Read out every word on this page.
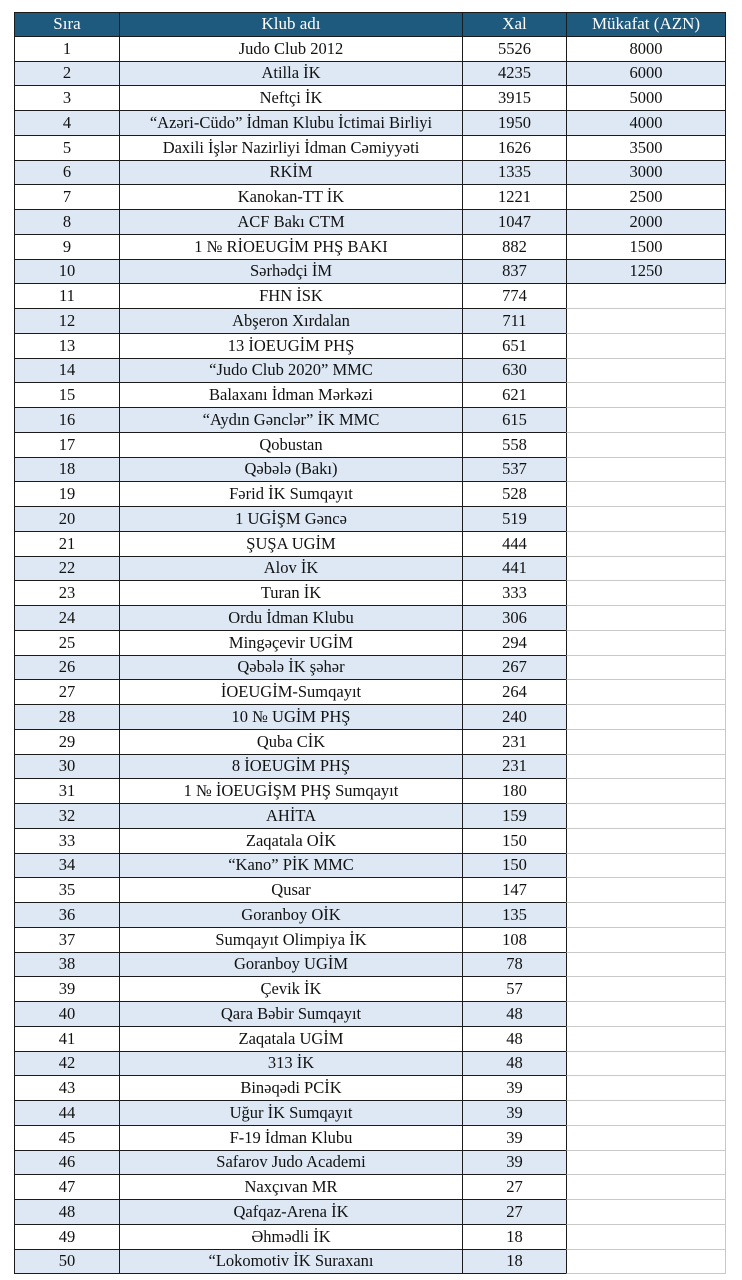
Sıra	Klub adı	Xal	Mükafat (AZN)
1	Judo Club 2012	5526	8000
2	Atilla İK	4235	6000
3	Neftçi İK	3915	5000
4	“Azəri-Cüdo” İdman Klubu İctimai Birliyi	1950	4000
5	Daxili İşlər Nazirliyi İdman Cəmiyyəti	1626	3500
6	RKİM	1335	3000
7	Kanokan-TT İK	1221	2500
8	ACF Bakı CTM	1047	2000
9	1 № RİOEUGİM PHŞ BAKI	882	1500
10	Sərhədçi İM	837	1250
11	FHN İSK	774
12	Abşeron Xırdalan	711
13	13 İOEUGİM PHŞ	651
14	“Judo Club 2020” MMC	630
15	Balaxanı İdman Mərkəzi	621
16	“Aydın Gənclər” İK MMC	615
17	Qobustan	558
18	Qəbələ (Bakı)	537
19	Fərid İK Sumqayıt	528
20	1 UGİŞM Gəncə	519
21	ŞUŞA UGİM	444
22	Alov İK	441
23	Turan İK	333
24	Ordu İdman Klubu	306
25	Mingəçevir UGİM	294
26	Qəbələ İK şəhər	267
27	İOEUGİM-Sumqayıt	264
28	10 № UGİM PHŞ	240
29	Quba CİK	231
30	8 İOEUGİM PHŞ	231
31	1 № İOEUGİŞM PHŞ Sumqayıt	180
32	AHİTA	159
33	Zaqatala OİK	150
34	“Kano” PİK MMC	150
35	Qusar	147
36	Goranboy OİK	135
37	Sumqayıt Olimpiya İK	108
38	Goranboy UGİM	78
39	Çevik İK	57
40	Qara Bəbir Sumqayıt	48
41	Zaqatala UGİM	48
42	313 İK	48
43	Binəqədi PCİK	39
44	Uğur İK Sumqayıt	39
45	F-19 İdman Klubu	39
46	Safarov Judo Academi	39
47	Naxçıvan MR	27
48	Qafqaz-Arena İK	27
49	Əhmədli İK	18
50	“Lokomotiv İK Suraxanı	18
